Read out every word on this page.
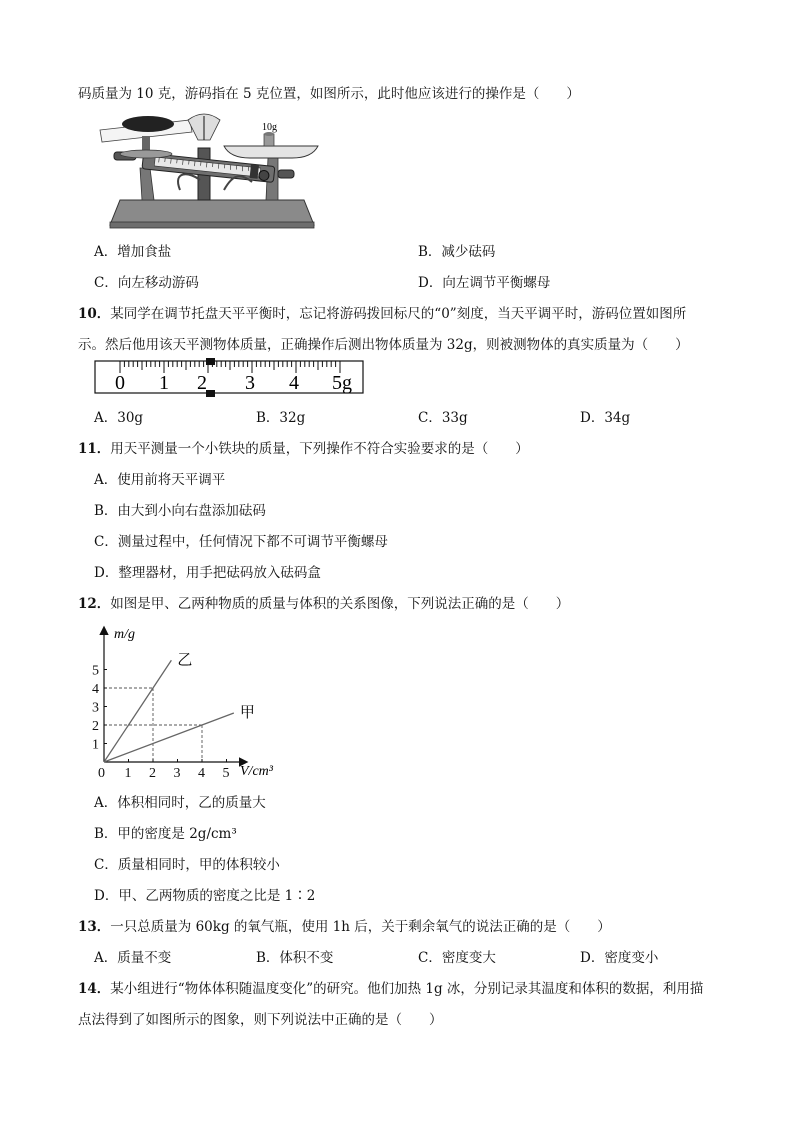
码质量为 10 克，游码指在 5 克位置，如图所示，此时他应该进行的操作是（　　）
10g
A．增加食盐	B．减少砝码
C．向左移动游码	D．向左调节平衡螺母
10．某同学在调节托盘天平平衡时，忘记将游码拨回标尺的“0”刻度，当天平调平时，游码位置如图所
示。然后他用该天平测物体质量，正确操作后测出物体质量为 32g，则被测物体的真实质量为（　　）
0 1 2 3 4 5g
A．30g	B．32g	C．33g	D．34g
11．用天平测量一个小铁块的质量，下列操作不符合实验要求的是（　　）
A．使用前将天平调平
B．由大到小向右盘添加砝码
C．测量过程中，任何情况下都不可调节平衡螺母
D．整理器材，用手把砝码放入砝码盒
12．如图是甲、乙两种物质的质量与体积的关系图像，下列说法正确的是（　　）
m/g
V/cm³
0 1 2 3 4 5
1
2
3
4
5
乙
甲
A．体积相同时，乙的质量大
B．甲的密度是 2g/cm³
C．质量相同时，甲的体积较小
D．甲、乙两物质的密度之比是 1∶2
13．一只总质量为 60kg 的氧气瓶，使用 1h 后，关于剩余氧气的说法正确的是（　　）
A．质量不变	B．体积不变	C．密度变大	D．密度变小
14．某小组进行“物体体积随温度变化”的研究。他们加热 1g 冰，分别记录其温度和体积的数据，利用描
点法得到了如图所示的图象，则下列说法中正确的是（　　）
